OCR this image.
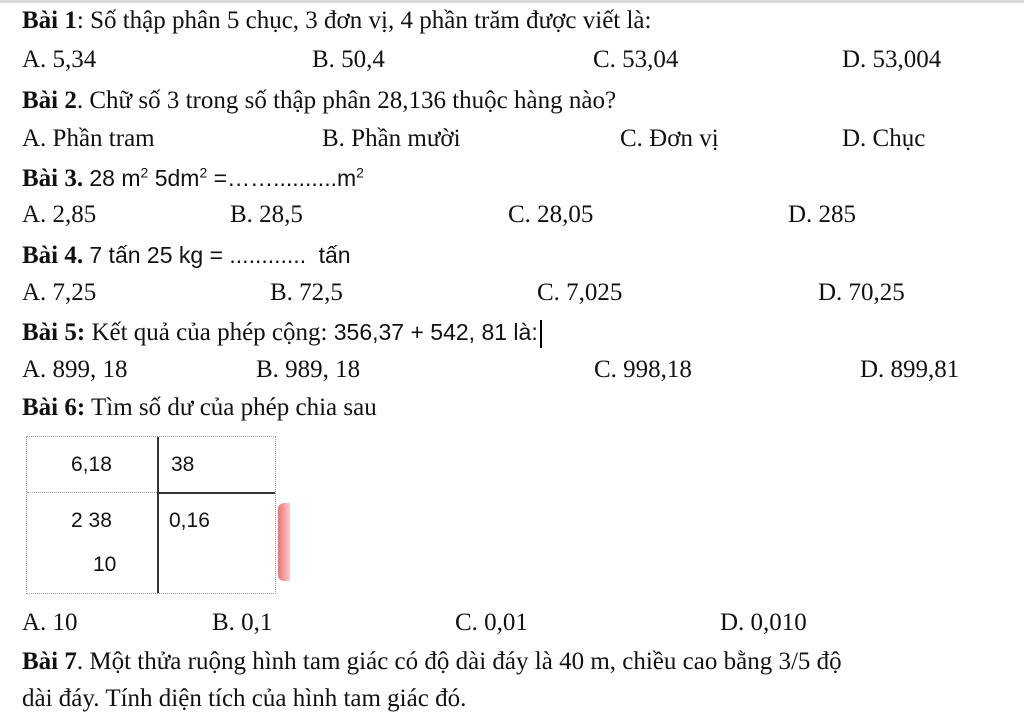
Bài 1: Số thập phân 5 chục, 3 đơn vị, 4 phần trăm được viết là:
A. 5,34	B. 50,4	C. 53,04	D. 53,004
Bài 2. Chữ số 3 trong số thập phân 28,136 thuộc hàng nào?
A. Phần tram	B. Phần mười	C. Đơn vị	D. Chục
Bài 3. 28 $m^2$ $5dm^2$ $=\dots\dots..........m^2$
A. 2,85	B. 28,5	C. 28,05	D. 285
Bài 4. 7 tấn 25 kg = ............ tấn
A. 7,25	B. 72,5	C. 7,025	D. 70,25
Bài 5: Kết quả của phép cộng: 356,37 + 542, 81 là:
A. 899, 18	B. 989, 18	C. 998,18	D. 899,81
Bài 6: Tìm số dư của phép chia sau
6,18	38
2 38	0,16
10
A. 10	B. 0,1	C. 0,01	D. 0,010
Bài 7. Một thửa ruộng hình tam giác có độ dài đáy là 40 m, chiều cao bằng 3/5 độ
dài đáy. Tính diện tích của hình tam giác đó.
